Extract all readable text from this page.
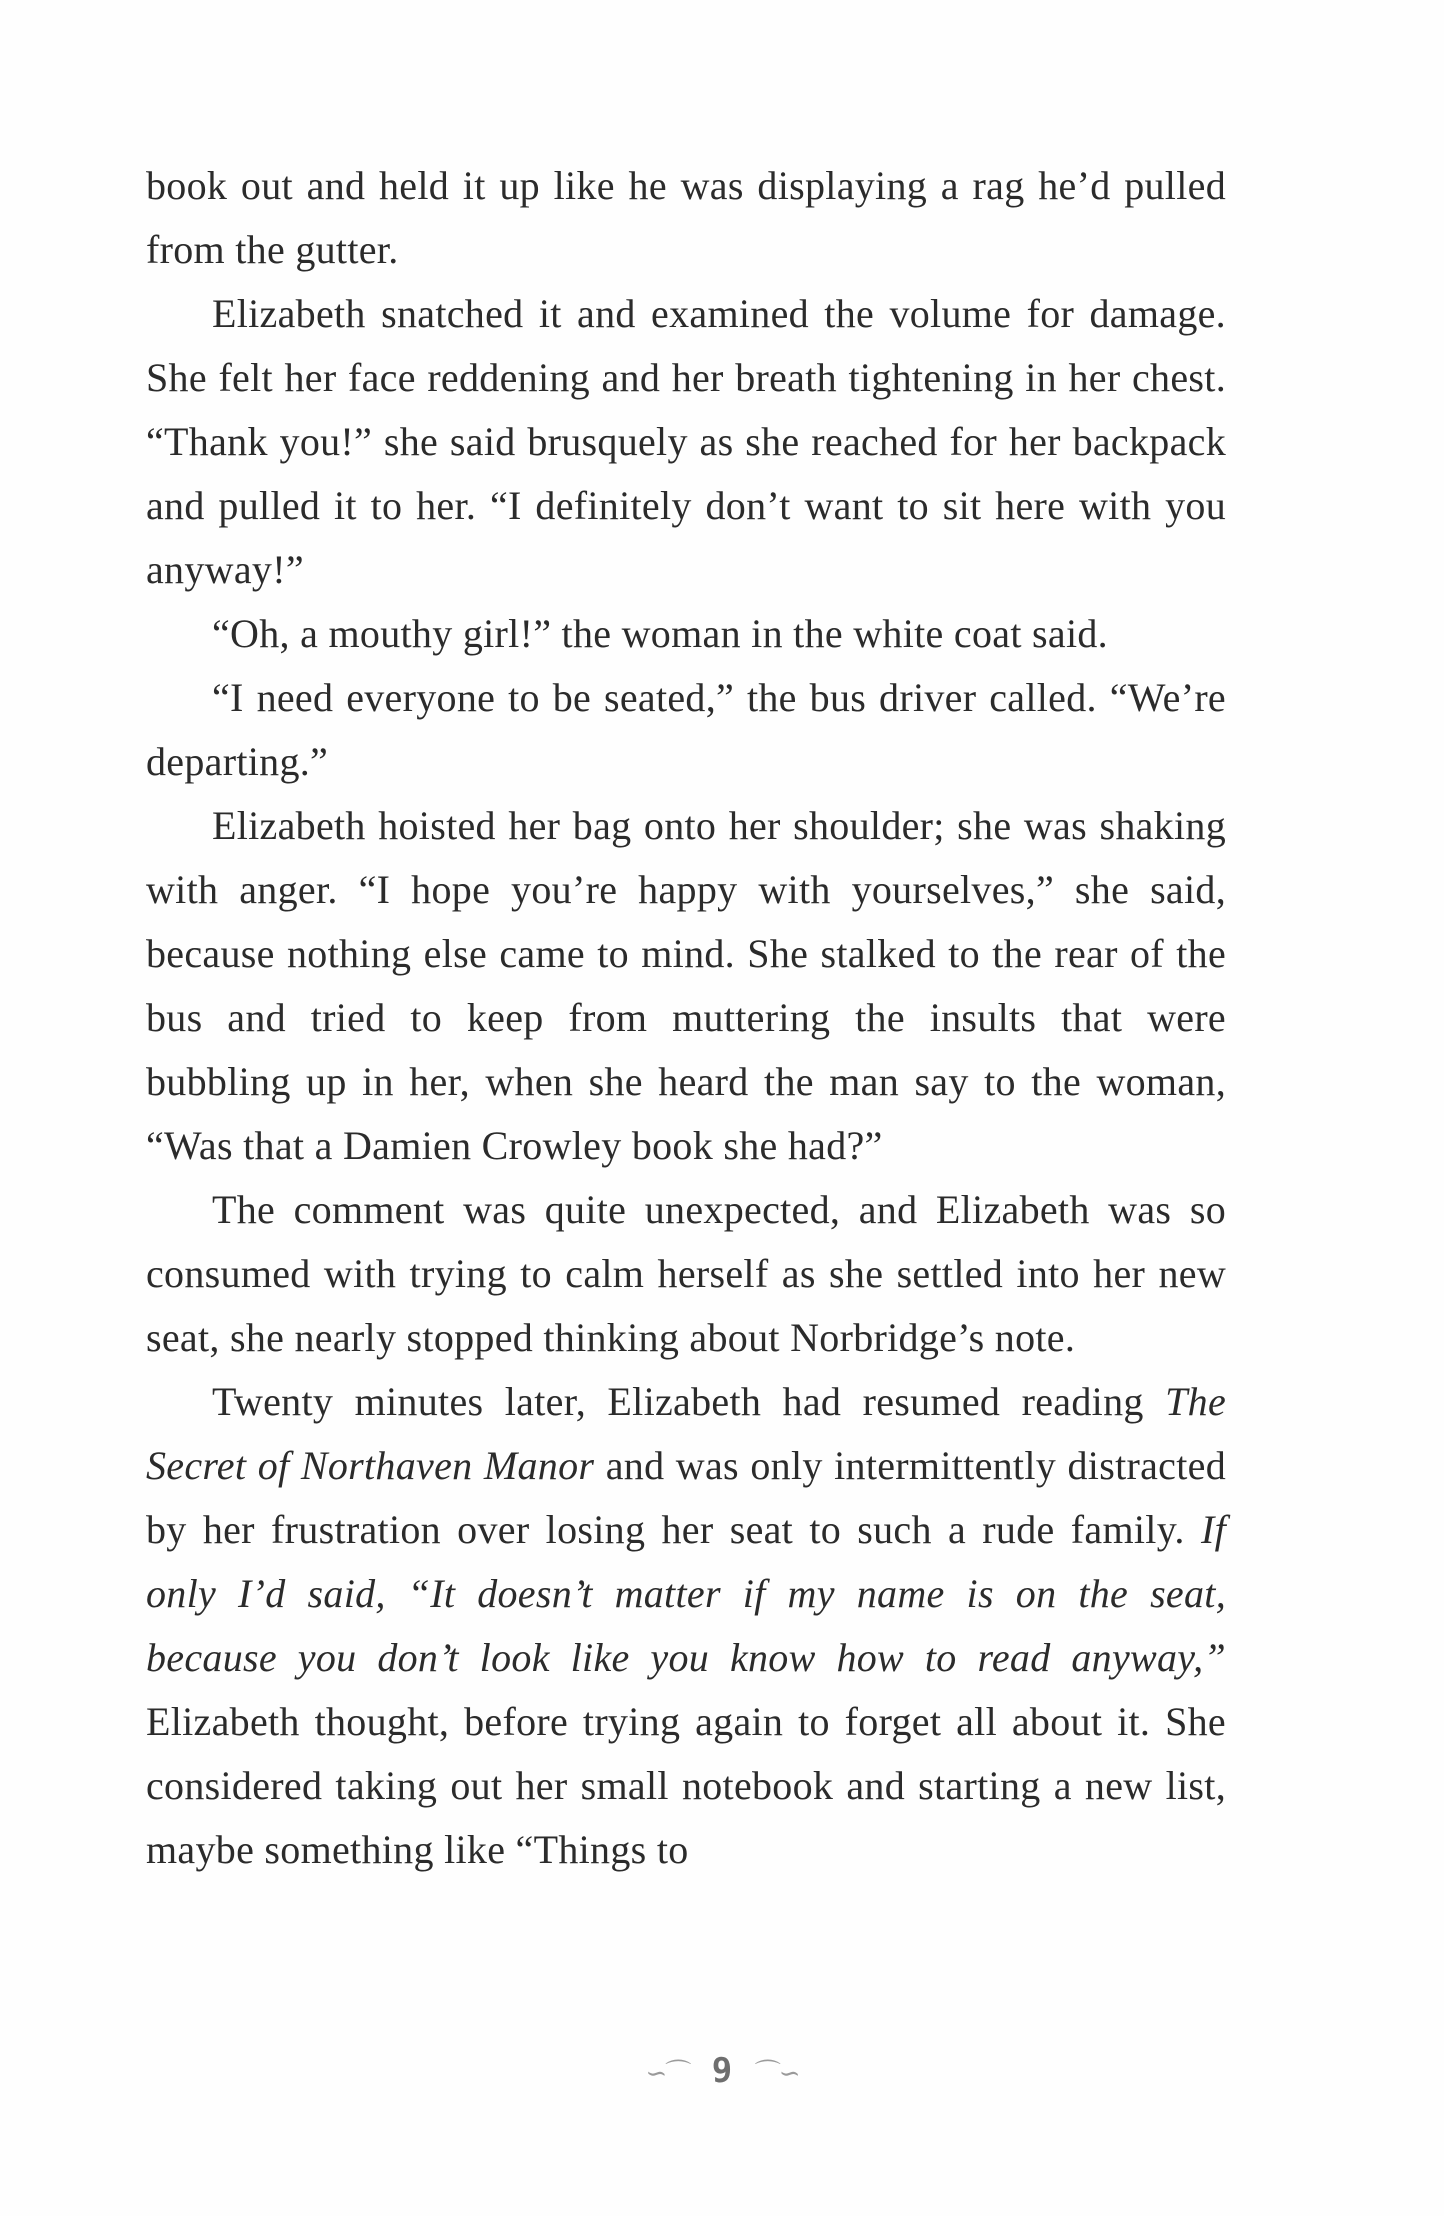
book out and held it up like he was displaying a rag he’d pulled from the gutter.

Elizabeth snatched it and examined the volume for damage. She felt her face reddening and her breath tightening in her chest. “Thank you!” she said brusquely as she reached for her backpack and pulled it to her. “I definitely don’t want to sit here with you anyway!”

“Oh, a mouthy girl!” the woman in the white coat said.

“I need everyone to be seated,” the bus driver called. “We’re departing.”

Elizabeth hoisted her bag onto her shoulder; she was shaking with anger. “I hope you’re happy with yourselves,” she said, because nothing else came to mind. She stalked to the rear of the bus and tried to keep from muttering the insults that were bubbling up in her, when she heard the man say to the woman, “Was that a Damien Crowley book she had?”

The comment was quite unexpected, and Elizabeth was so consumed with trying to calm herself as she settled into her new seat, she nearly stopped thinking about Norbridge’s note.

Twenty minutes later, Elizabeth had resumed reading The Secret of Northaven Manor and was only intermittently distracted by her frustration over losing her seat to such a rude family. If only I’d said, “It doesn’t matter if my name is on the seat, because you don’t look like you know how to read anyway,” Elizabeth thought, before trying again to forget all about it. She considered taking out her small notebook and starting a new list, maybe something like “Things to

∽⌒ 9 ⌒∽
